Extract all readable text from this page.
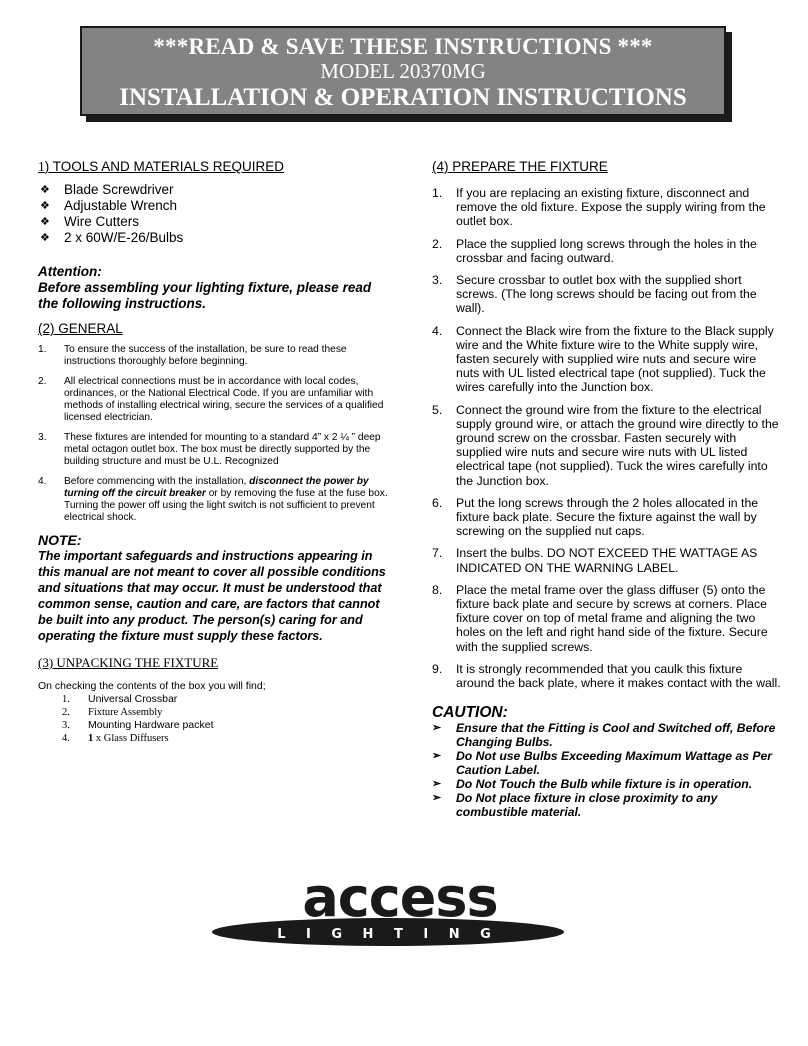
***READ & SAVE THESE INSTRUCTIONS ***
MODEL 20370MG
INSTALLATION & OPERATION INSTRUCTIONS
1) TOOLS AND MATERIALS REQUIRED
❖ Blade Screwdriver
❖ Adjustable Wrench
❖ Wire Cutters
❖ 2 x 60W/E-26/Bulbs
Attention:
Before assembling your lighting fixture, please read the following instructions.
(2) GENERAL
1. To ensure the success of the installation, be sure to read these instructions thoroughly before beginning.
2. All electrical connections must be in accordance with local codes, ordinances, or the National Electrical Code. If you are unfamiliar with methods of installing electrical wiring, secure the services of a qualified licensed electrician.
3. These fixtures are intended for mounting to a standard 4” x 2 ¼ ” deep metal octagon outlet box. The box must be directly supported by the building structure and must be U.L. Recognized
4. Before commencing with the installation, disconnect the power by turning off the circuit breaker or by removing the fuse at the fuse box. Turning the power off using the light switch is not sufficient to prevent electrical shock.
NOTE:
The important safeguards and instructions appearing in this manual are not meant to cover all possible conditions and situations that may occur. It must be understood that common sense, caution and care, are factors that cannot be built into any product. The person(s) caring for and operating the fixture must supply these factors.
(3) UNPACKING THE FIXTURE
On checking the contents of the box you will find;
1. Universal Crossbar
2. Fixture Assembly
3. Mounting Hardware packet
4. 1 x Glass Diffusers
(4) PREPARE THE FIXTURE
1. If you are replacing an existing fixture, disconnect and remove the old fixture. Expose the supply wiring from the outlet box.
2. Place the supplied long screws through the holes in the crossbar and facing outward.
3. Secure crossbar to outlet box with the supplied short screws. (The long screws should be facing out from the wall).
4. Connect the Black wire from the fixture to the Black supply wire and the White fixture wire to the White supply wire, fasten securely with supplied wire nuts and secure wire nuts with UL listed electrical tape (not supplied). Tuck the wires carefully into the Junction box.
5. Connect the ground wire from the fixture to the electrical supply ground wire, or attach the ground wire directly to the ground screw on the crossbar. Fasten securely with supplied wire nuts and secure wire nuts with UL listed electrical tape (not supplied). Tuck the wires carefully into the Junction box.
6. Put the long screws through the 2 holes allocated in the fixture back plate. Secure the fixture against the wall by screwing on the supplied nut caps.
7. Insert the bulbs. DO NOT EXCEED THE WATTAGE AS INDICATED ON THE WARNING LABEL.
8. Place the metal frame over the glass diffuser (5) onto the fixture back plate and secure by screws at corners. Place fixture cover on top of metal frame and aligning the two holes on the left and right hand side of the fixture. Secure with the supplied screws.
9. It is strongly recommended that you caulk this fixture around the back plate, where it makes contact with the wall.
CAUTION:
➢ Ensure that the Fitting is Cool and Switched off, Before Changing Bulbs.
➢ Do Not use Bulbs Exceeding Maximum Wattage as Per Caution Label.
➢ Do Not Touch the Bulb while fixture is in operation.
➢ Do Not place fixture in close proximity to any combustible material.
access
L I G H T I N G
